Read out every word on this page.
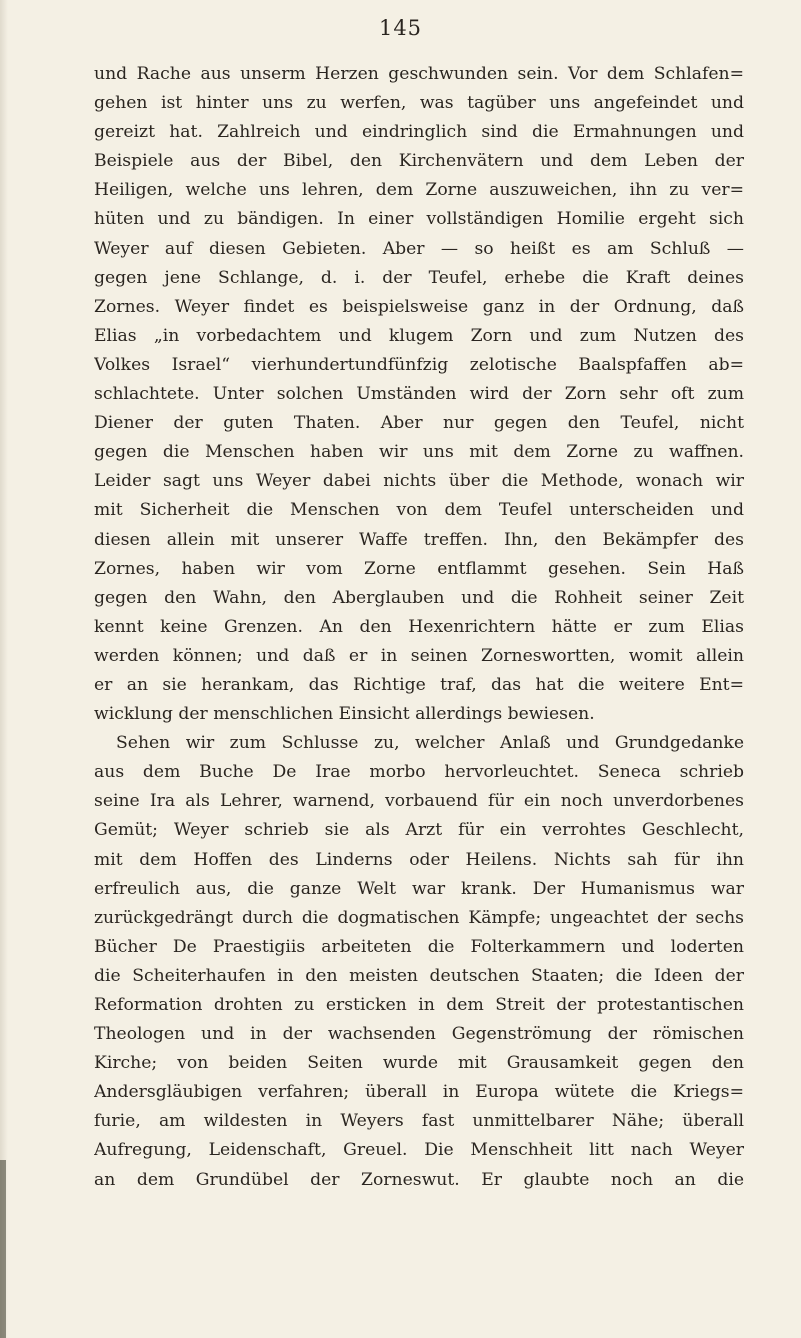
145
und Rache aus unserm Herzen geschwunden sein. Vor dem Schlafen=
gehen ist hinter uns zu werfen, was tagüber uns angefeindet und
gereizt hat. Zahlreich und eindringlich sind die Ermahnungen und
Beispiele aus der Bibel, den Kirchenvätern und dem Leben der
Heiligen, welche uns lehren, dem Zorne auszuweichen, ihn zu ver=
hüten und zu bändigen. In einer vollständigen Homilie ergeht sich
Weyer auf diesen Gebieten. Aber — so heißt es am Schluß —
gegen jene Schlange, d. i. der Teufel, erhebe die Kraft deines
Zornes. Weyer findet es beispielsweise ganz in der Ordnung, daß
Elias „in vorbedachtem und klugem Zorn und zum Nutzen des
Volkes Israel“ vierhundertundfünfzig zelotische Baalspfaffen ab=
schlachtete. Unter solchen Umständen wird der Zorn sehr oft zum
Diener der guten Thaten. Aber nur gegen den Teufel, nicht
gegen die Menschen haben wir uns mit dem Zorne zu waffnen.
Leider sagt uns Weyer dabei nichts über die Methode, wonach wir
mit Sicherheit die Menschen von dem Teufel unterscheiden und
diesen allein mit unserer Waffe treffen. Ihn, den Bekämpfer des
Zornes, haben wir vom Zorne entflammt gesehen. Sein Haß
gegen den Wahn, den Aberglauben und die Rohheit seiner Zeit
kennt keine Grenzen. An den Hexenrichtern hätte er zum Elias
werden können; und daß er in seinen Zorneswortten, womit allein
er an sie herankam, das Richtige traf, das hat die weitere Ent=
wicklung der menschlichen Einsicht allerdings bewiesen.
Sehen wir zum Schlusse zu, welcher Anlaß und Grundgedanke
aus dem Buche De Irae morbo hervorleuchtet. Seneca schrieb
seine Ira als Lehrer, warnend, vorbauend für ein noch unverdorbenes
Gemüt; Weyer schrieb sie als Arzt für ein verrohtes Geschlecht,
mit dem Hoffen des Linderns oder Heilens. Nichts sah für ihn
erfreulich aus, die ganze Welt war krank. Der Humanismus war
zurückgedrängt durch die dogmatischen Kämpfe; ungeachtet der sechs
Bücher De Praestigiis arbeiteten die Folterkammern und loderten
die Scheiterhaufen in den meisten deutschen Staaten; die Ideen der
Reformation drohten zu ersticken in dem Streit der protestantischen
Theologen und in der wachsenden Gegenströmung der römischen
Kirche; von beiden Seiten wurde mit Grausamkeit gegen den
Andersgläubigen verfahren; überall in Europa wütete die Kriegs=
furie, am wildesten in Weyers fast unmittelbarer Nähe; überall
Aufregung, Leidenschaft, Greuel. Die Menschheit litt nach Weyer
an dem Grundübel der Zorneswut. Er glaubte noch an die
